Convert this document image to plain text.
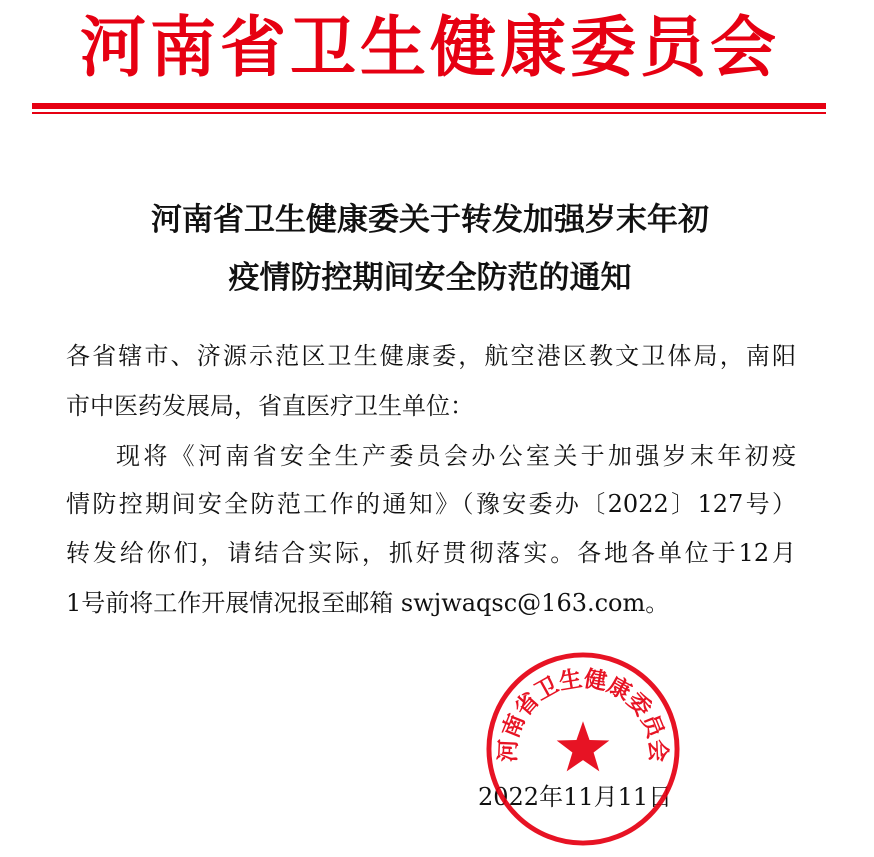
河南省卫生健康委员会
河南省卫生健康委关于转发加强岁末年初
疫情防控期间安全防范的通知
各省辖市、济源示范区卫生健康委，航空港区教文卫体局，南阳
市中医药发展局，省直医疗卫生单位：
现将《河南省安全生产委员会办公室关于加强岁末年初疫
情防控期间安全防范工作的通知》（豫安委办〔2022〕127号）
转发给你们，请结合实际，抓好贯彻落实。各地各单位于12月
1号前将工作开展情况报至邮箱 swjwaqsc@163.com。
2022年11月11日
河南省卫生健康委员会
